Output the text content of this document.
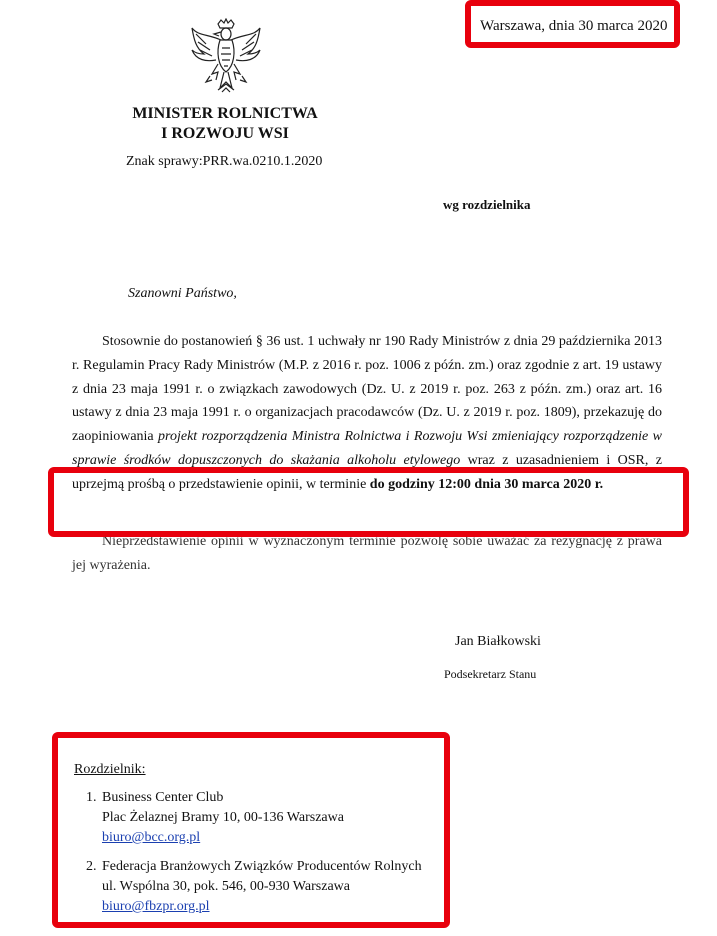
Warszawa, dnia 30 marca 2020
MINISTER ROLNICTWA
I ROZWOJU WSI
Znak sprawy:PRR.wa.0210.1.2020
wg rozdzielnika
Szanowni Państwo,
Stosownie do postanowień § 36 ust. 1 uchwały nr 190 Rady Ministrów z dnia 29 października 2013 r. Regulamin Pracy Rady Ministrów (M.P. z 2016 r. poz. 1006 z późn. zm.) oraz zgodnie z art. 19 ustawy z dnia 23 maja 1991 r. o związkach zawodowych (Dz. U. z 2019 r. poz. 263 z późn. zm.) oraz art. 16 ustawy z dnia 23 maja 1991 r. o organizacjach pracodawców (Dz. U. z 2019 r. poz. 1809), przekazuję do zaopiniowania projekt rozporządzenia Ministra Rolnictwa i Rozwoju Wsi zmieniający rozporządzenie w sprawie środków dopuszczonych do skażania alkoholu etylowego wraz z uzasadnieniem i OSR, z uprzejmą prośbą o przedstawienie opinii, w terminie do godziny 12:00 dnia 30 marca 2020 r.
Nieprzedstawienie opinii w wyznaczonym terminie pozwolę sobie uważać za rezygnację z prawa jej wyrażenia.
Jan Białkowski
Podsekretarz Stanu
Rozdzielnik:
1. Business Center Club
Plac Żelaznej Bramy 10, 00-136 Warszawa
biuro@bcc.org.pl
2. Federacja Branżowych Związków Producentów Rolnych
ul. Wspólna 30, pok. 546, 00-930 Warszawa
biuro@fbzpr.org.pl
